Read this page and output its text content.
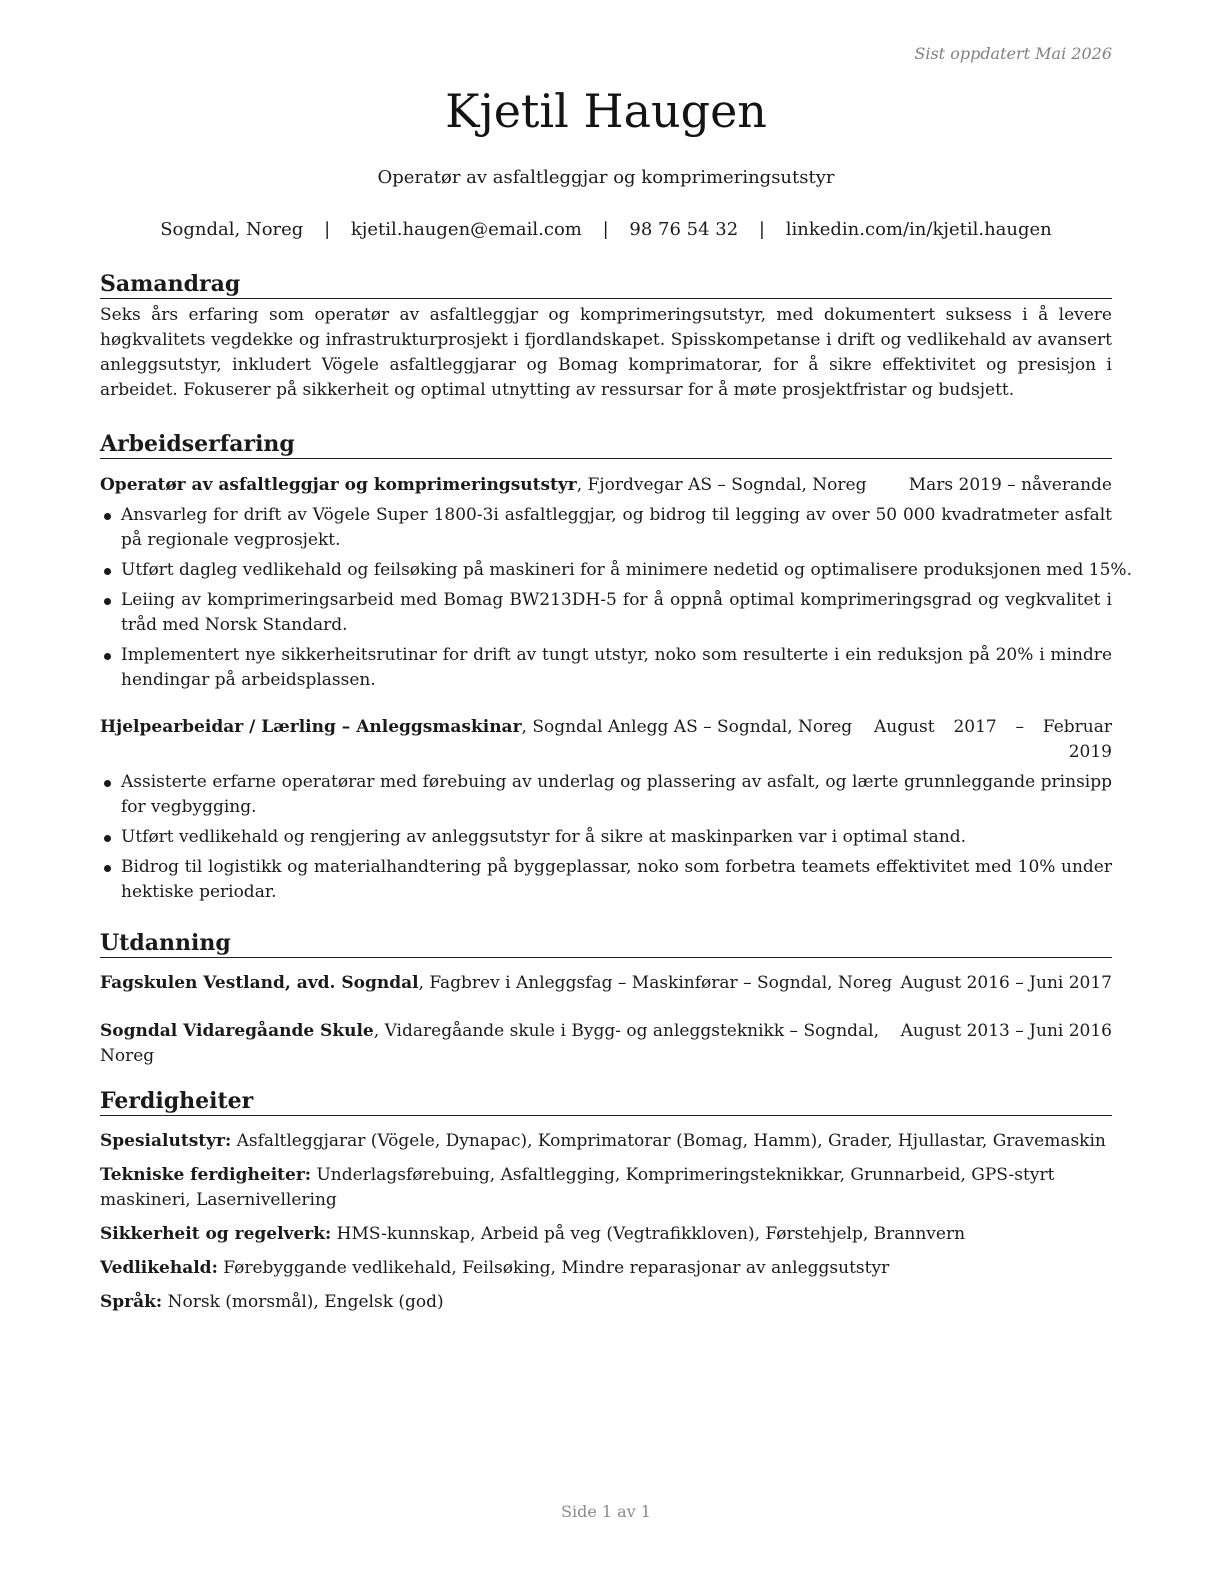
Sist oppdatert Mai 2026
Kjetil Haugen
Operatør av asfaltleggjar og komprimeringsutstyr
Sogndal, Noreg | kjetil.haugen@email.com | 98 76 54 32 | linkedin.com/in/kjetil.haugen
Samandrag

Seks års erfaring som operatør av asfaltleggjar og komprimeringsutstyr, med dokumentert suksess i å levere høgkvalitets vegdekke og infrastrukturprosjekt i fjordlandskapet. Spisskompetanse i drift og vedlikehald av avansert anleggsutstyr, inkludert Vögele asfaltleggjarar og Bomag komprimatorar, for å sikre effektivitet og presisjon i arbeidet. Fokuserer på sikkerheit og optimal utnytting av ressursar for å møte prosjektfristar og budsjett.

Arbeidserfaring
Operatør av asfaltleggjar og komprimeringsutstyr, Fjordvegar AS – Sogndal, Noreg	Mars 2019 – nåverande
Ansvarleg for drift av Vögele Super 1800-3i asfaltleggjar, og bidrog til legging av over 50 000 kvadratmeter asfalt på regionale vegprosjekt.
Utført dagleg vedlikehald og feilsøking på maskineri for å minimere nedetid og optimalisere produksjonen med 15%.
Leiing av komprimeringsarbeid med Bomag BW213DH-5 for å oppnå optimal komprimeringsgrad og vegkvalitet i tråd med Norsk Standard.
Implementert nye sikkerheitsrutinar for drift av tungt utstyr, noko som resulterte i ein reduksjon på 20% i mindre hendingar på arbeidsplassen.
Hjelpearbeidar / Lærling – Anleggsmaskinar, Sogndal Anlegg AS – Sogndal, Noreg	August 2017 – Februar 2019
Assisterte erfarne operatørar med førebuing av underlag og plassering av asfalt, og lærte grunnleggande prinsipp for vegbygging.
Utført vedlikehald og rengjering av anleggsutstyr for å sikre at maskinparken var i optimal stand.
Bidrog til logistikk og materialhandtering på byggeplassar, noko som forbetra teamets effektivitet med 10% under hektiske periodar.
Utdanning
Fagskulen Vestland, avd. Sogndal, Fagbrev i Anleggsfag – Maskinførar – Sogndal, Noreg August 2016 – Juni 2017
Sogndal Vidaregåande Skule, Vidaregåande skule i Bygg- og anleggsteknikk – Sogndal, Noreg
August 2013 – Juni 2016
Ferdigheiter
Spesialutstyr: Asfaltleggjarar (Vögele, Dynapac), Komprimatorar (Bomag, Hamm), Grader, Hjullastar, Gravemaskin
Tekniske ferdigheiter: Underlagsførebuing, Asfaltlegging, Komprimeringsteknikkar, Grunnarbeid, GPS-styrt maskineri, Lasernivellering
Sikkerheit og regelverk: HMS-kunnskap, Arbeid på veg (Vegtrafikkloven), Førstehjelp, Brannvern
Vedlikehald: Førebyggande vedlikehald, Feilsøking, Mindre reparasjonar av anleggsutstyr
Språk: Norsk (morsmål), Engelsk (god)
Side 1 av 1
